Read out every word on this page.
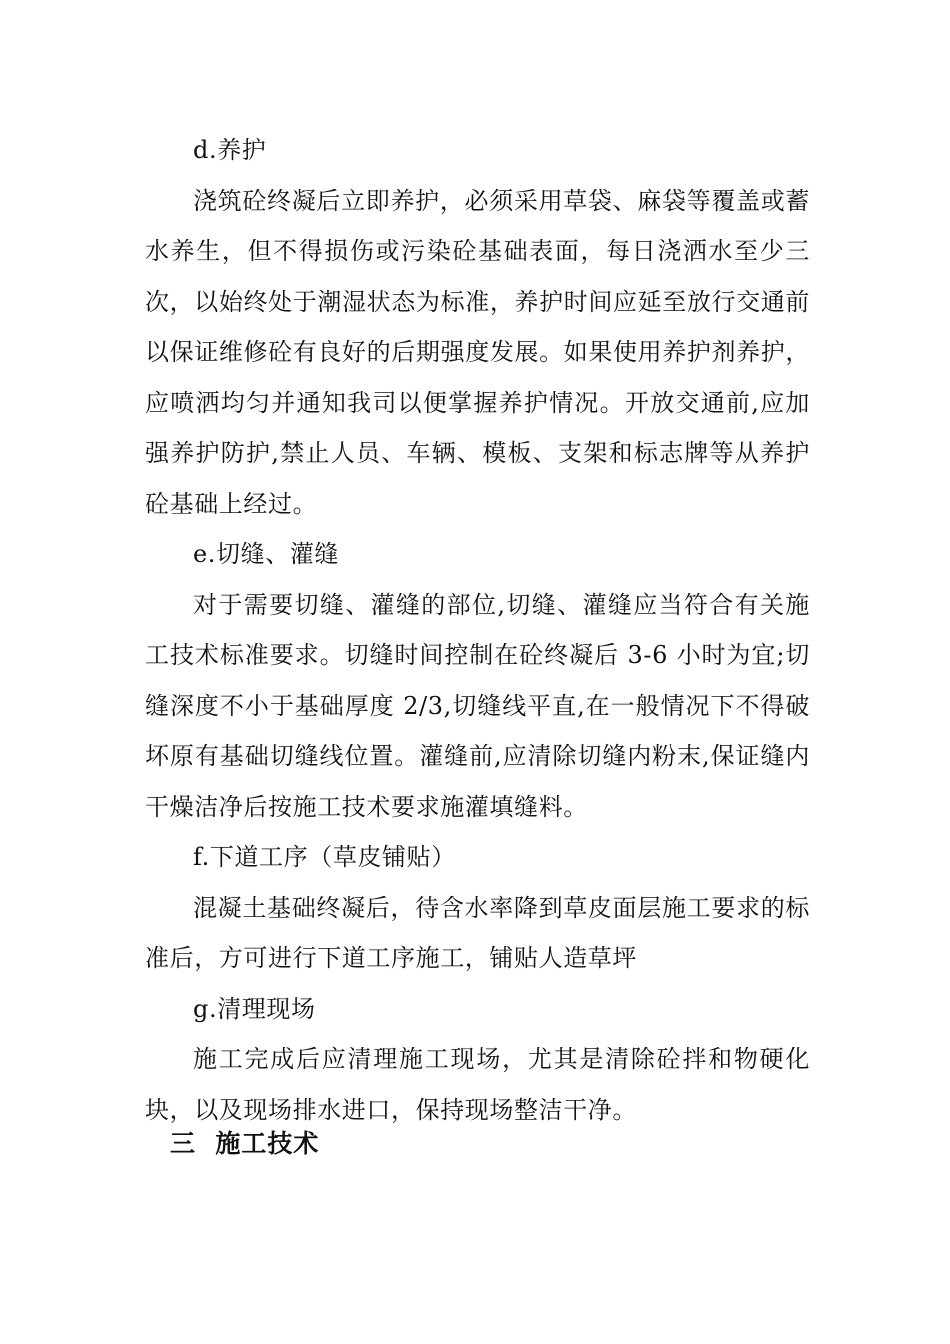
d.养护

浇筑砼终凝后立即养护，必须采用草袋、麻袋等覆盖或蓄水养生，但不得损伤或污染砼基础表面，每日浇洒水至少三次，以始终处于潮湿状态为标准，养护时间应延至放行交通前以保证维修砼有良好的后期强度发展。如果使用养护剂养护，应喷洒均匀并通知我司以便掌握养护情况。开放交通前,应加强养护防护,禁止人员、车辆、模板、支架和标志牌等从养护砼基础上经过。

e.切缝、灌缝

对于需要切缝、灌缝的部位,切缝、灌缝应当符合有关施工技术标准要求。切缝时间控制在砼终凝后 3-6 小时为宜;切缝深度不小于基础厚度 2/3,切缝线平直,在一般情况下不得破坏原有基础切缝线位置。灌缝前,应清除切缝内粉末,保证缝内干燥洁净后按施工技术要求施灌填缝料。

f.下道工序（草皮铺贴）

混凝土基础终凝后，待含水率降到草皮面层施工要求的标准后，方可进行下道工序施工，铺贴人造草坪

g.清理现场

施工完成后应清理施工现场，尤其是清除砼拌和物硬化块，以及现场排水进口，保持现场整洁干净。

三  施工技术
